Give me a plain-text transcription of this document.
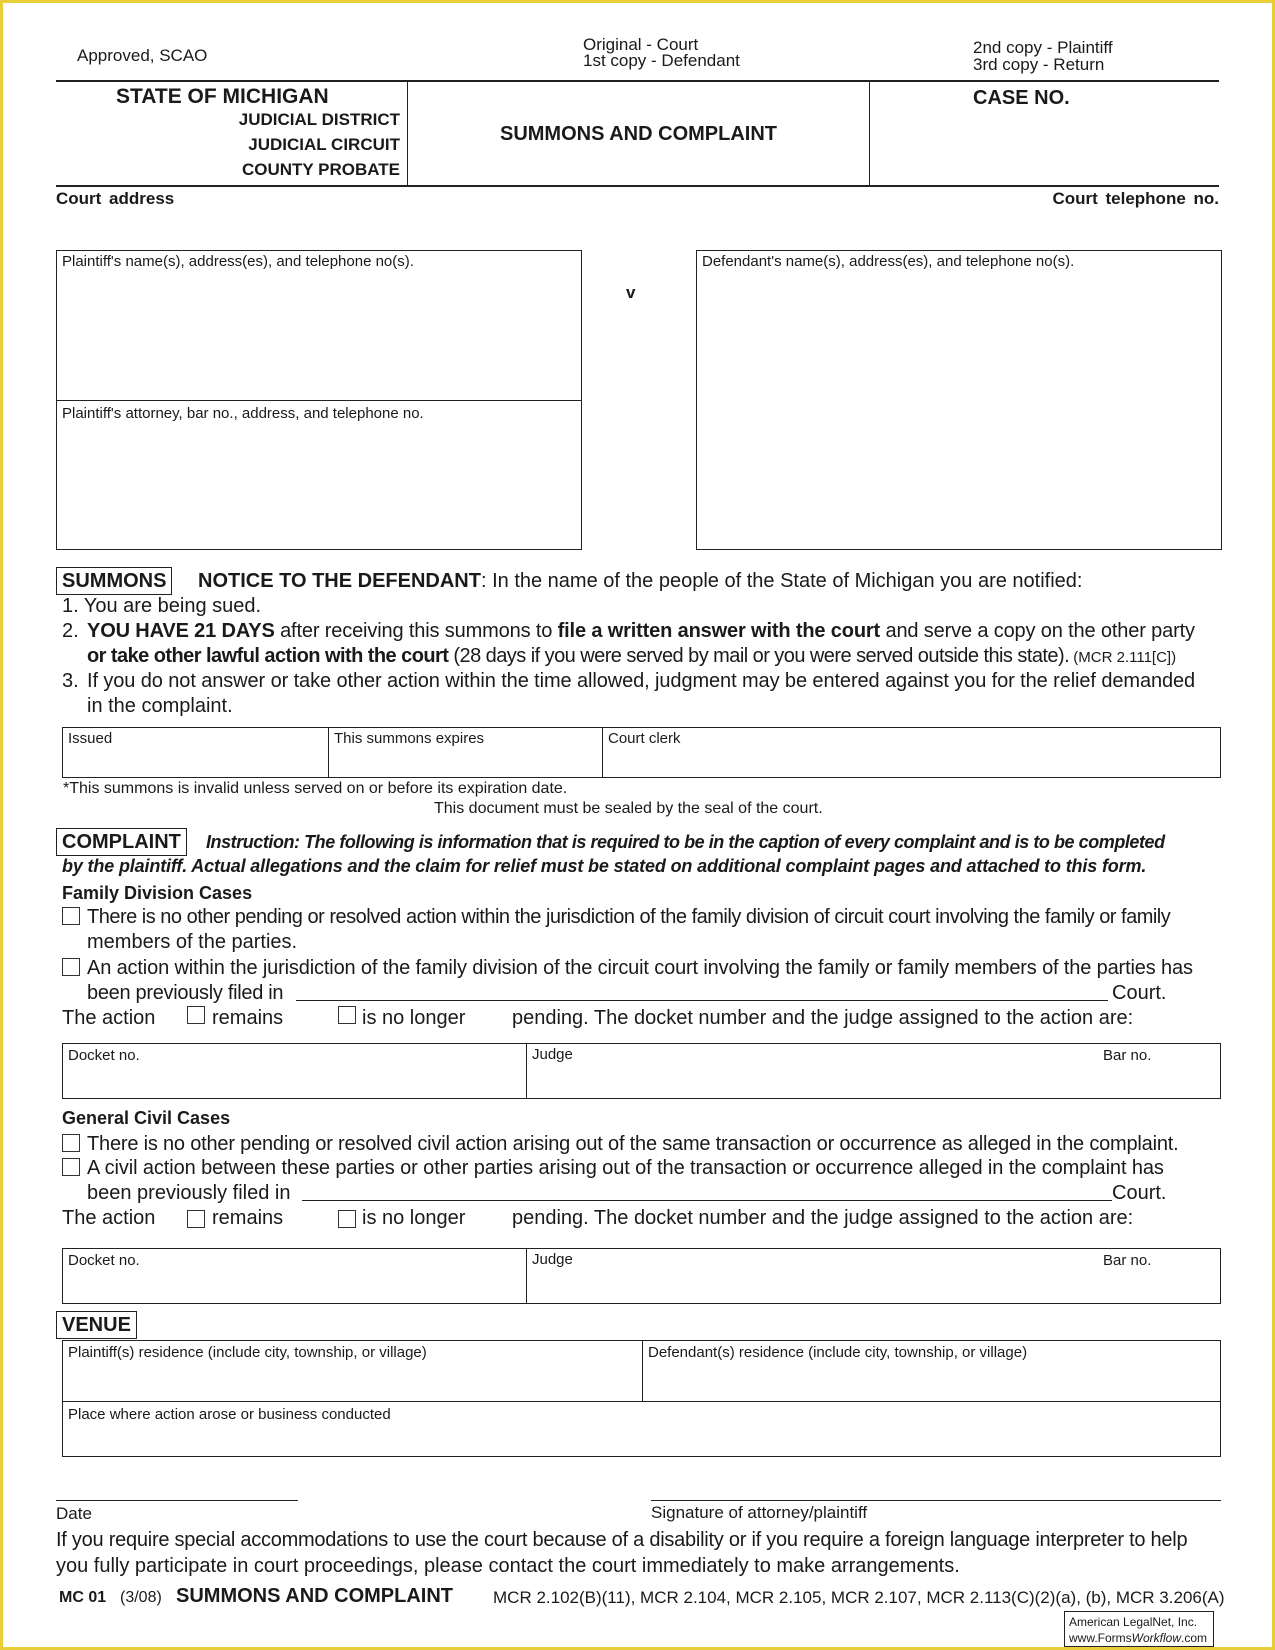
Approved, SCAO
Original - Court
1st copy - Defendant
2nd copy - Plaintiff
3rd copy - Return
STATE OF MICHIGAN
JUDICIAL DISTRICT
JUDICIAL CIRCUIT
COUNTY PROBATE
SUMMONS AND COMPLAINT
CASE NO.
Court address	Court telephone no.
Plaintiff's name(s), address(es), and telephone no(s).
Plaintiff's attorney, bar no., address, and telephone no.
v
Defendant's name(s), address(es), and telephone no(s).
SUMMONS	NOTICE TO THE DEFENDANT: In the name of the people of the State of Michigan you are notified:
1. You are being sued.
2. YOU HAVE 21 DAYS after receiving this summons to file a written answer with the court and serve a copy on the other party
or take other lawful action with the court (28 days if you were served by mail or you were served outside this state). (MCR 2.111[C])
3. If you do not answer or take other action within the time allowed, judgment may be entered against you for the relief demanded
in the complaint.
Issued	This summons expires	Court clerk
*This summons is invalid unless served on or before its expiration date.
This document must be sealed by the seal of the court.
COMPLAINT	Instruction: The following is information that is required to be in the caption of every complaint and is to be completed
by the plaintiff. Actual allegations and the claim for relief must be stated on additional complaint pages and attached to this form.
Family Division Cases
There is no other pending or resolved action within the jurisdiction of the family division of circuit court involving the family or family
members of the parties.
An action within the jurisdiction of the family division of the circuit court involving the family or family members of the parties has
been previously filed in	Court.
The action	remains	is no longer pending. The docket number and the judge assigned to the action are:
Docket no.	Judge	Bar no.
General Civil Cases
There is no other pending or resolved civil action arising out of the same transaction or occurrence as alleged in the complaint.
A civil action between these parties or other parties arising out of the transaction or occurrence alleged in the complaint has
been previously filed in	Court.
The action	remains	is no longer pending. The docket number and the judge assigned to the action are:
Docket no.	Judge	Bar no.
VENUE
Plaintiff(s) residence (include city, township, or village)	Defendant(s) residence (include city, township, or village)
Place where action arose or business conducted
Date	Signature of attorney/plaintiff
If you require special accommodations to use the court because of a disability or if you require a foreign language interpreter to help
you fully participate in court proceedings, please contact the court immediately to make arrangements.
MC 01 (3/08) SUMMONS AND COMPLAINT MCR 2.102(B)(11), MCR 2.104, MCR 2.105, MCR 2.107, MCR 2.113(C)(2)(a), (b), MCR 3.206(A)
American LegalNet, Inc.
www.FormsWorkflow.com
